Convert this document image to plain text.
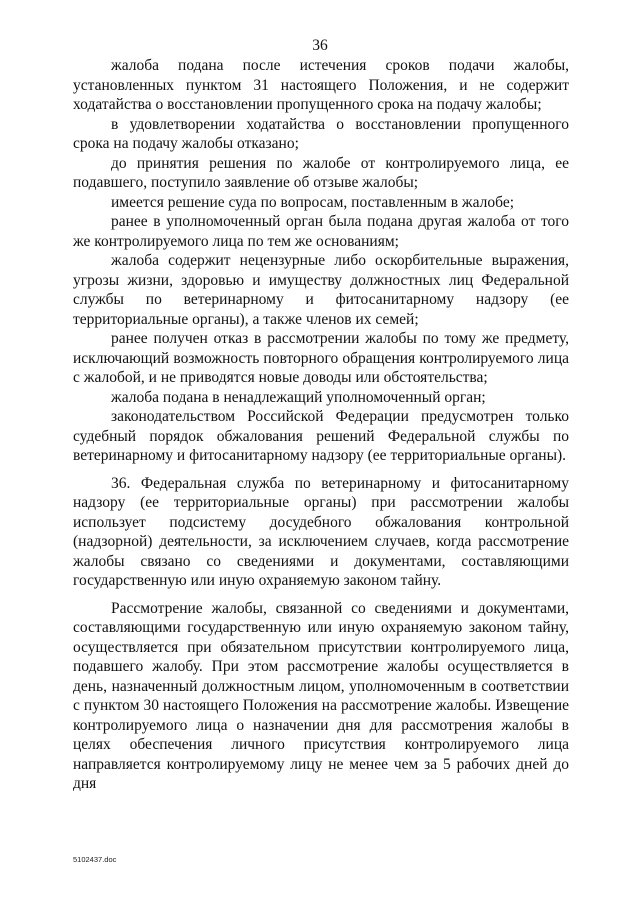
36

жалоба подана после истечения сроков подачи жалобы, установленных пунктом 31 настоящего Положения, и не содержит ходатайства о восстановлении пропущенного срока на подачу жалобы;

в удовлетворении ходатайства о восстановлении пропущенного срока на подачу жалобы отказано;

до принятия решения по жалобе от контролируемого лица, ее подавшего, поступило заявление об отзыве жалобы;

имеется решение суда по вопросам, поставленным в жалобе;

ранее в уполномоченный орган была подана другая жалоба от того же контролируемого лица по тем же основаниям;

жалоба содержит нецензурные либо оскорбительные выражения, угрозы жизни, здоровью и имуществу должностных лиц Федеральной службы по ветеринарному и фитосанитарному надзору (ее территориальные органы), а также членов их семей;

ранее получен отказ в рассмотрении жалобы по тому же предмету, исключающий возможность повторного обращения контролируемого лица с жалобой, и не приводятся новые доводы или обстоятельства;

жалоба подана в ненадлежащий уполномоченный орган;

законодательством Российской Федерации предусмотрен только судебный порядок обжалования решений Федеральной службы по ветеринарному и фитосанитарному надзору (ее территориальные органы).

36. Федеральная служба по ветеринарному и фитосанитарному надзору (ее территориальные органы) при рассмотрении жалобы использует подсистему досудебного обжалования контрольной (надзорной) деятельности, за исключением случаев, когда рассмотрение жалобы связано со сведениями и документами, составляющими государственную или иную охраняемую законом тайну.

Рассмотрение жалобы, связанной со сведениями и документами, составляющими государственную или иную охраняемую законом тайну, осуществляется при обязательном присутствии контролируемого лица, подавшего жалобу. При этом рассмотрение жалобы осуществляется в день, назначенный должностным лицом, уполномоченным в соответствии с пунктом 30 настоящего Положения на рассмотрение жалобы. Извещение контролируемого лица о назначении дня для рассмотрения жалобы в целях обеспечения личного присутствия контролируемого лица направляется контролируемому лицу не менее чем за 5 рабочих дней до дня

5102437.doc
